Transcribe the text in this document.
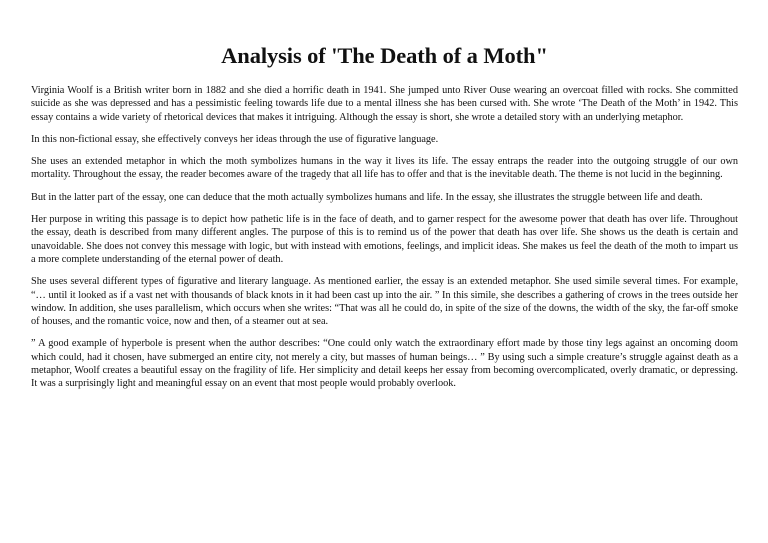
Analysis of 'The Death of a Moth"

Virginia Woolf is a British writer born in 1882 and she died a horrific death in 1941. She jumped unto River Ouse wearing an overcoat filled with rocks. She committed suicide as she was depressed and has a pessimistic feeling towards life due to a mental illness she has been cursed with. She wrote ‘The Death of the Moth’ in 1942. This essay contains a wide variety of rhetorical devices that makes it intriguing. Although the essay is short, she wrote a detailed story with an underlying metaphor.

In this non-fictional essay, she effectively conveys her ideas through the use of figurative language.

She uses an extended metaphor in which the moth symbolizes humans in the way it lives its life. The essay entraps the reader into the outgoing struggle of our own mortality. Throughout the essay, the reader becomes aware of the tragedy that all life has to offer and that is the inevitable death. The theme is not lucid in the beginning.

But in the latter part of the essay, one can deduce that the moth actually symbolizes humans and life. In the essay, she illustrates the struggle between life and death.

Her purpose in writing this passage is to depict how pathetic life is in the face of death, and to garner respect for the awesome power that death has over life. Throughout the essay, death is described from many different angles. The purpose of this is to remind us of the power that death has over life. She shows us the death is certain and unavoidable. She does not convey this message with logic, but with instead with emotions, feelings, and implicit ideas. She makes us feel the death of the moth to impart us a more complete understanding of the eternal power of death.

She uses several different types of figurative and literary language. As mentioned earlier, the essay is an extended metaphor. She used simile several times. For example, “… until it looked as if a vast net with thousands of black knots in it had been cast up into the air. ” In this simile, she describes a gathering of crows in the trees outside her window. In addition, she uses parallelism, which occurs when she writes: “That was all he could do, in spite of the size of the downs, the width of the sky, the far-off smoke of houses, and the romantic voice, now and then, of a steamer out at sea.

” A good example of hyperbole is present when the author describes: “One could only watch the extraordinary effort made by those tiny legs against an oncoming doom which could, had it chosen, have submerged an entire city, not merely a city, but masses of human beings… ” By using such a simple creature’s struggle against death as a metaphor, Woolf creates a beautiful essay on the fragility of life. Her simplicity and detail keeps her essay from becoming overcomplicated, overly dramatic, or depressing. It was a surprisingly light and meaningful essay on an event that most people would probably overlook.
